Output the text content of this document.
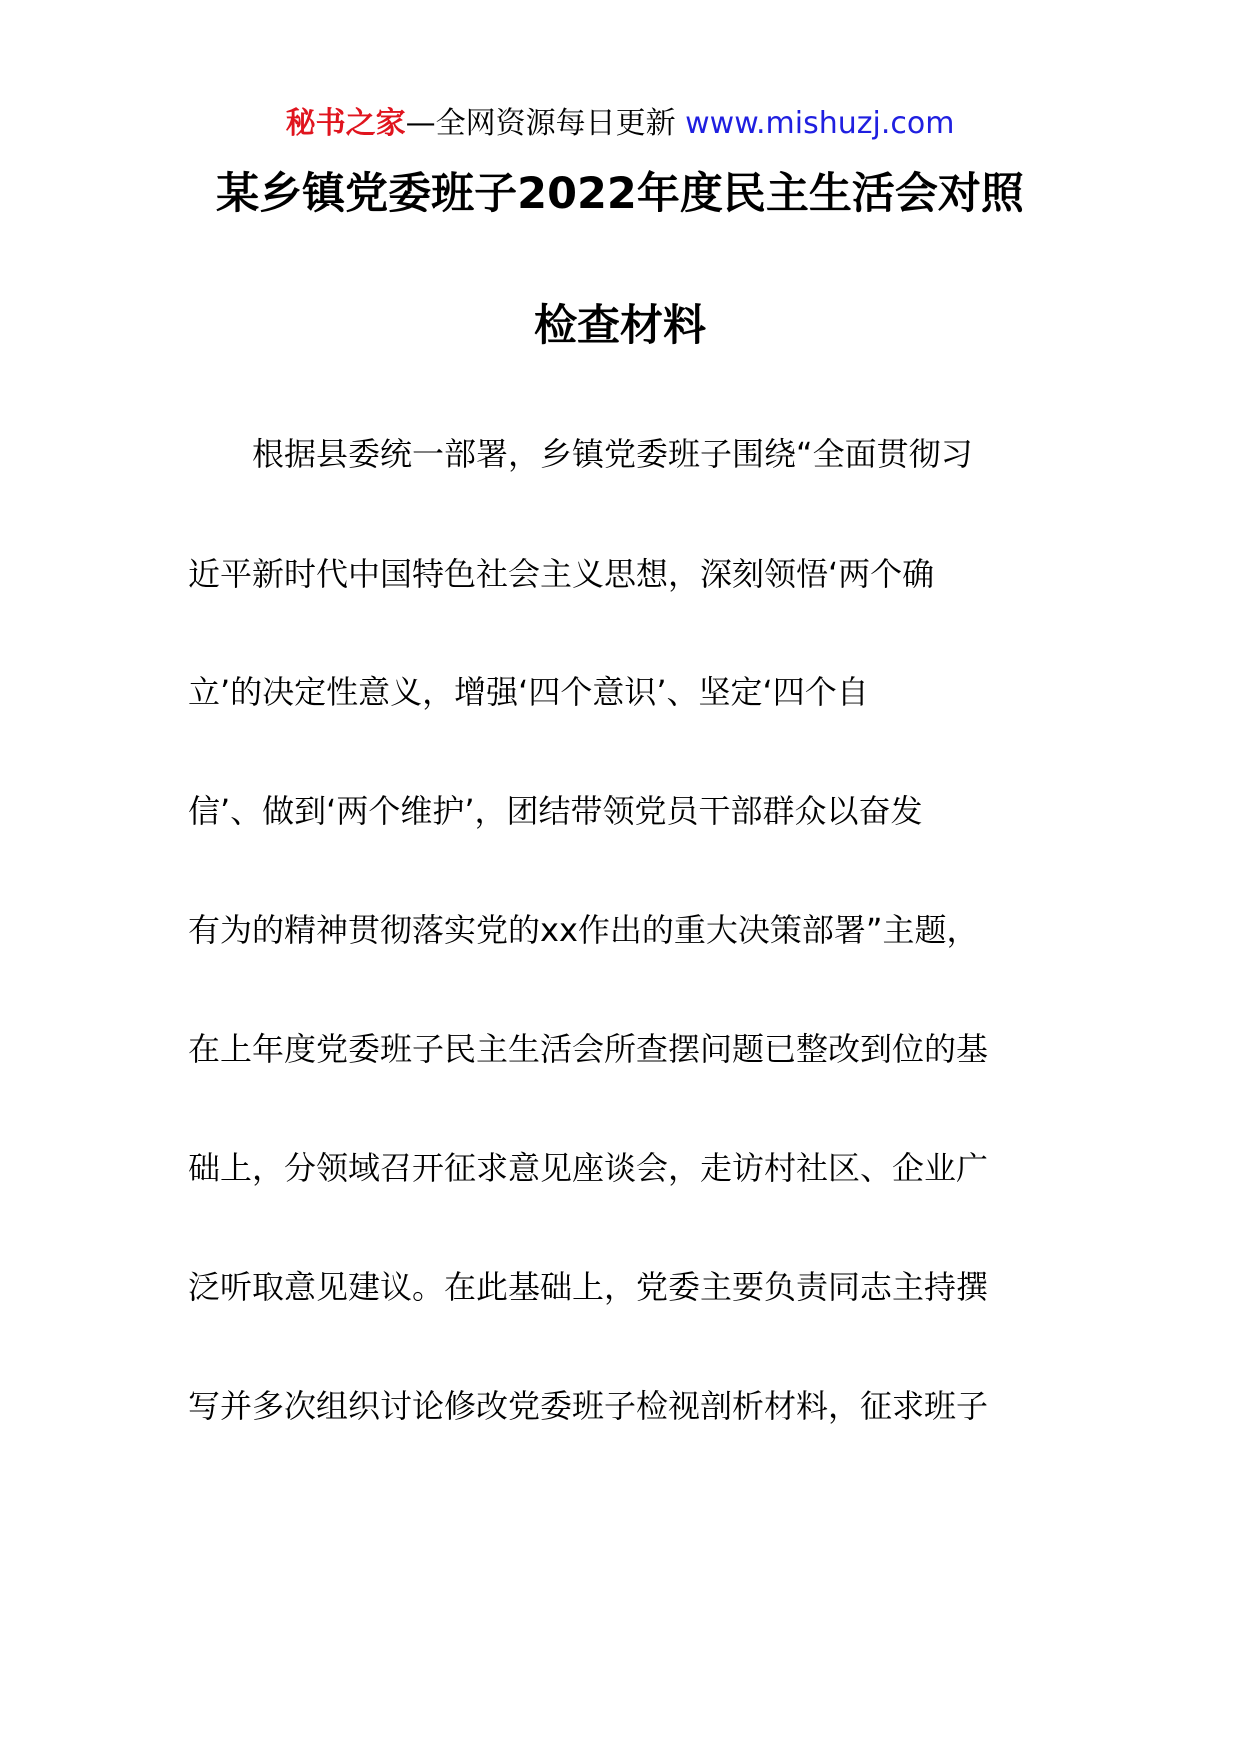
秘书之家—全网资源每日更新 www.mishuzj.com
某乡镇党委班子2022年度民主生活会对照
检查材料
根据县委统一部署，乡镇党委班子围绕“全面贯彻习
近平新时代中国特色社会主义思想，深刻领悟‘两个确
立’的决定性意义，增强‘四个意识’、坚定‘四个自
信’、做到‘两个维护’，团结带领党员干部群众以奋发
有为的精神贯彻落实党的xx作出的重大决策部署”主题，
在上年度党委班子民主生活会所查摆问题已整改到位的基
础上，分领域召开征求意见座谈会，走访村社区、企业广
泛听取意见建议。在此基础上，党委主要负责同志主持撰
写并多次组织讨论修改党委班子检视剖析材料，征求班子
